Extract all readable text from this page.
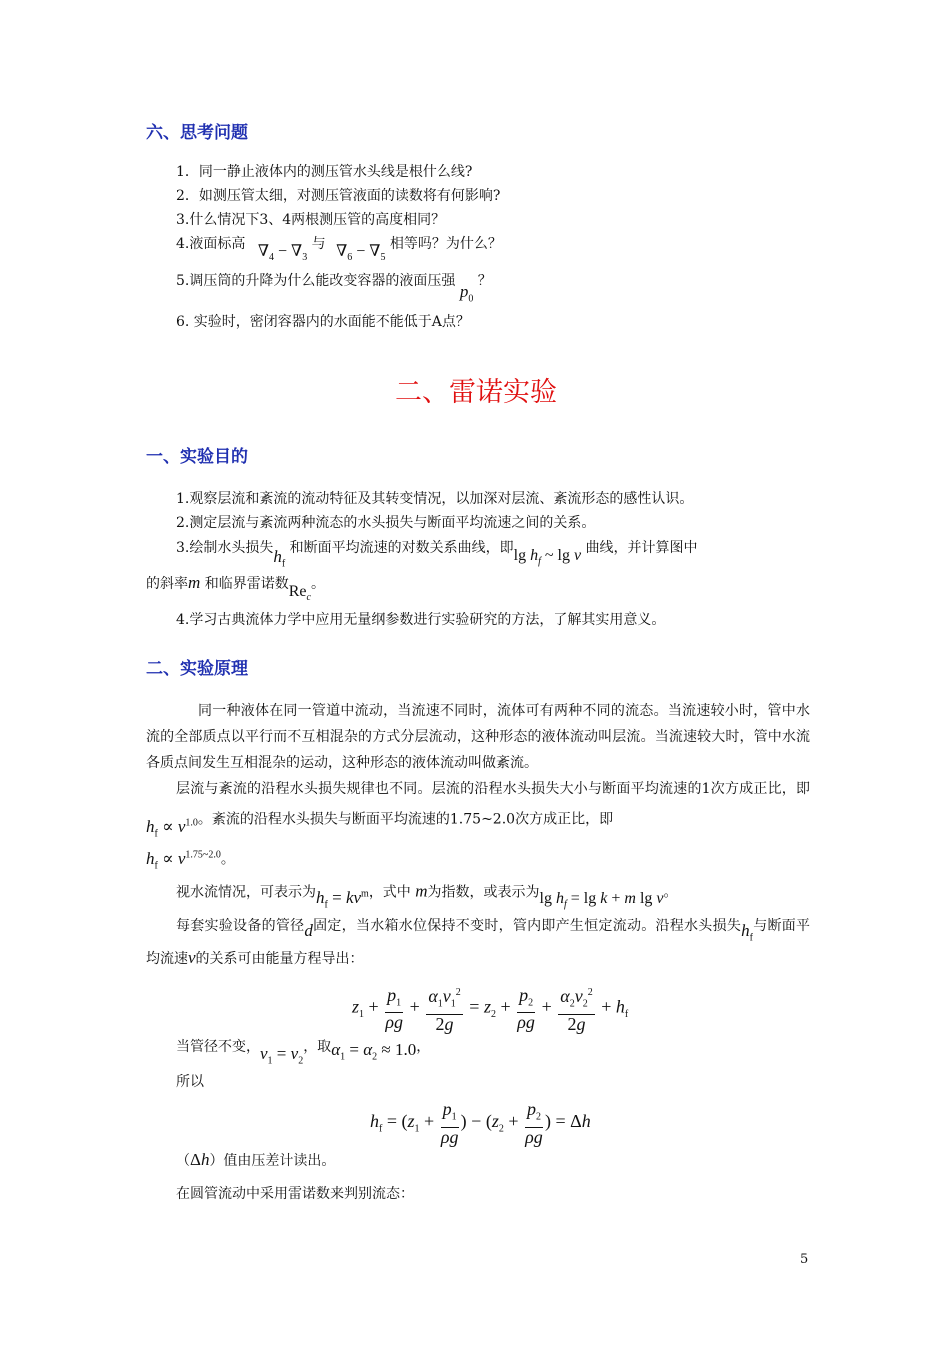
六、思考问题
1．同一静止液体内的测压管水头线是根什么线?
2．如测压管太细，对测压管液面的读数将有何影响?
3.什么情况下3、4两根测压管的高度相同？
4.液面标高 $\nabla_4 - \nabla_3$ 与 $\nabla_6 - \nabla_5$ 相等吗？为什么？
5.调压筒的升降为什么能改变容器的液面压强 $p_0$ ？
6. 实验时，密闭容器内的水面能不能低于A点？
二、雷诺实验
一、实验目的
1.观察层流和紊流的流动特征及其转变情况，以加深对层流、紊流形态的感性认识。
2.测定层流与紊流两种流态的水头损失与断面平均流速之间的关系。
3.绘制水头损失$h_f$ 和断面平均流速的对数关系曲线，即$\lg h_f$ ~ lg v 曲线，并计算图中
的斜率m 和临界雷诺数$Re_c$。
4.学习古典流体力学中应用无量纲参数进行实验研究的方法，了解其实用意义。
二、实验原理
同一种液体在同一管道中流动，当流速不同时，流体可有两种不同的流态。当流速较小时，管中水流的全部质点以平行而不互相混杂的方式分层流动，这种形态的液体流动叫层流。当流速较大时，管中水流各质点间发生互相混杂的运动，这种形态的液体流动叫做紊流。
层流与紊流的沿程水头损失规律也不同。层流的沿程水头损失大小与断面平均流速的1次方成正比，即$h_f \propto v^{1.0}$。紊流的沿程水头损失与断面平均流速的1.75~2.0次方成正比，即
$h_f \propto v^{1.75\sim 2.0}$。
视水流情况，可表示为$h_f = kv^m$，式中 m为指数，或表示为$\lg h_f = \lg k + m$ lg v。
每套实验设备的管径d固定，当水箱水位保持不变时，管内即产生恒定流动。沿程水头损失$h_f$与断面平均流速v的关系可由能量方程导出：
$z_1 + \frac{p_1}{\rho g} + \frac{\alpha_1v_1^2}{2g} = z_2 + \frac{p_2}{\rho g} + \frac{\alpha_2v_2^2}{2g} + h_f$
当管径不变，$v_1 = v_2$，取$\alpha_1 = \alpha_2 \approx 1.0$，
所以
$h_f = (z_1 + \frac{p_1}{\rho g}$ ) − ($z_2 + \frac{p_2}{\rho g}$ ) = Δh
（Δh）值由压差计读出。
在圆管流动中采用雷诺数来判别流态：
5
